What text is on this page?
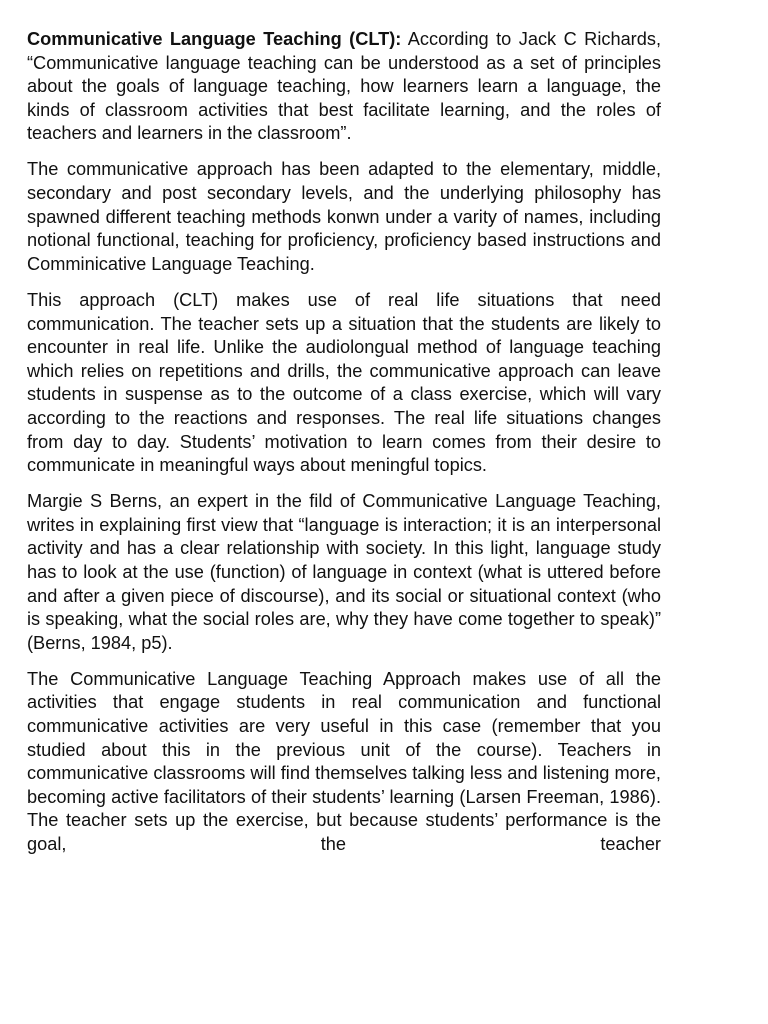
Communicative Language Teaching (CLT): According to Jack C Richards, “Communicative language teaching can be understood as a set of principles about the goals of language teaching, how learners learn a language, the kinds of classroom activities that best facilitate learning, and the roles of teachers and learners in the classroom”.

The communicative approach has been adapted to the elementary, middle, secondary and post secondary levels, and the underlying philosophy has spawned different teaching methods konwn under a varity of names, including notional functional, teaching for proficiency, proficiency based instructions and Comminicative Language Teaching.

This approach (CLT) makes use of real life situations that need communication. The teacher sets up a situation that the students are likely to encounter in real life. Unlike the audiolongual method of language teaching which relies on repetitions and drills, the communicative approach can leave students in suspense as to the outcome of a class exercise, which will vary according to the reactions and responses. The real life situations changes from day to day. Students’ motivation to learn comes from their desire to communicate in meaningful ways about meningful topics.

Margie S Berns, an expert in the fild of Communicative Language Teaching, writes in explaining first view that “language is interaction; it is an interpersonal activity and has a clear relationship with society. In this light, language study has to look at the use (function) of language in context (what is uttered before and after a given piece of discourse), and its social or situational context (who is speaking, what the social roles are, why they have come together to speak)” (Berns, 1984, p5).

The Communicative Language Teaching Approach makes use of all the activities that engage students in real communication and functional communicative activities are very useful in this case (remember that you studied about this in the previous unit of the course). Teachers in communicative classrooms will find themselves talking less and listening more, becoming active facilitators of their students’ learning (Larsen Freeman, 1986). The teacher sets up the exercise, but because students’ performance is the goal, the teacher
